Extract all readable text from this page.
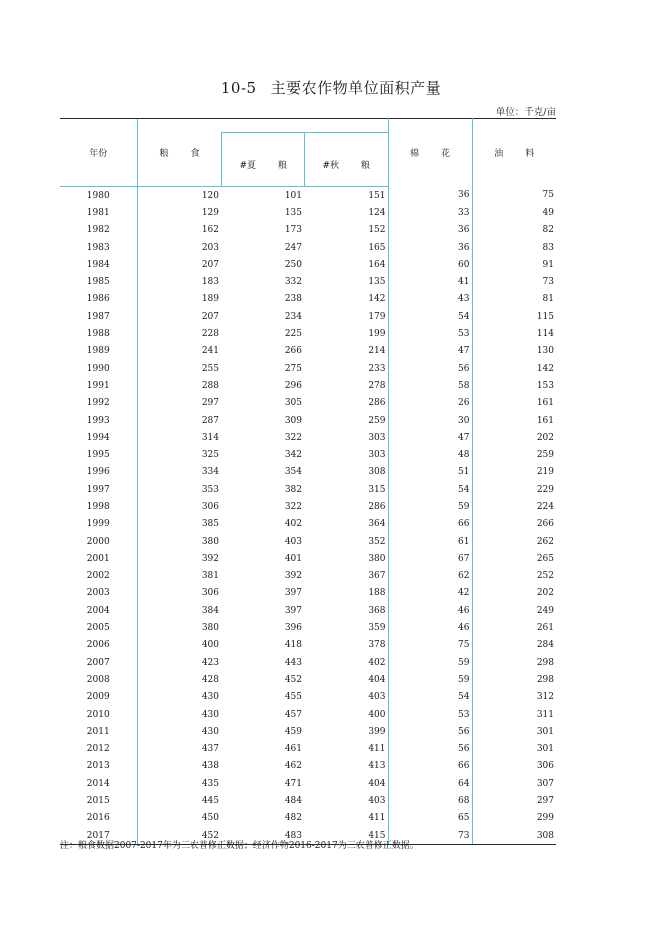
10-5 主要农作物单位面积产量
单位：千克/亩
年份	粮 食			棉 花	油 料
		#夏 粮	#秋 粮		
1980	120	101	151	36	75
1981	129	135	124	33	49
1982	162	173	152	36	82
1983	203	247	165	36	83
1984	207	250	164	60	91
1985	183	332	135	41	73
1986	189	238	142	43	81
1987	207	234	179	54	115
1988	228	225	199	53	114
1989	241	266	214	47	130
1990	255	275	233	56	142
1991	288	296	278	58	153
1992	297	305	286	26	161
1993	287	309	259	30	161
1994	314	322	303	47	202
1995	325	342	303	48	259
1996	334	354	308	51	219
1997	353	382	315	54	229
1998	306	322	286	59	224
1999	385	402	364	66	266
2000	380	403	352	61	262
2001	392	401	380	67	265
2002	381	392	367	62	252
2003	306	397	188	42	202
2004	384	397	368	46	249
2005	380	396	359	46	261
2006	400	418	378	75	284
2007	423	443	402	59	298
2008	428	452	404	59	298
2009	430	455	403	54	312
2010	430	457	400	53	311
2011	430	459	399	56	301
2012	437	461	411	56	301
2013	438	462	413	66	306
2014	435	471	404	64	307
2015	445	484	403	68	297
2016	450	482	411	65	299
2017	452	483	415	73	308
注：粮食数据2007-2017年为三农普修正数据；经济作物2016-2017为三农普修正数据。
